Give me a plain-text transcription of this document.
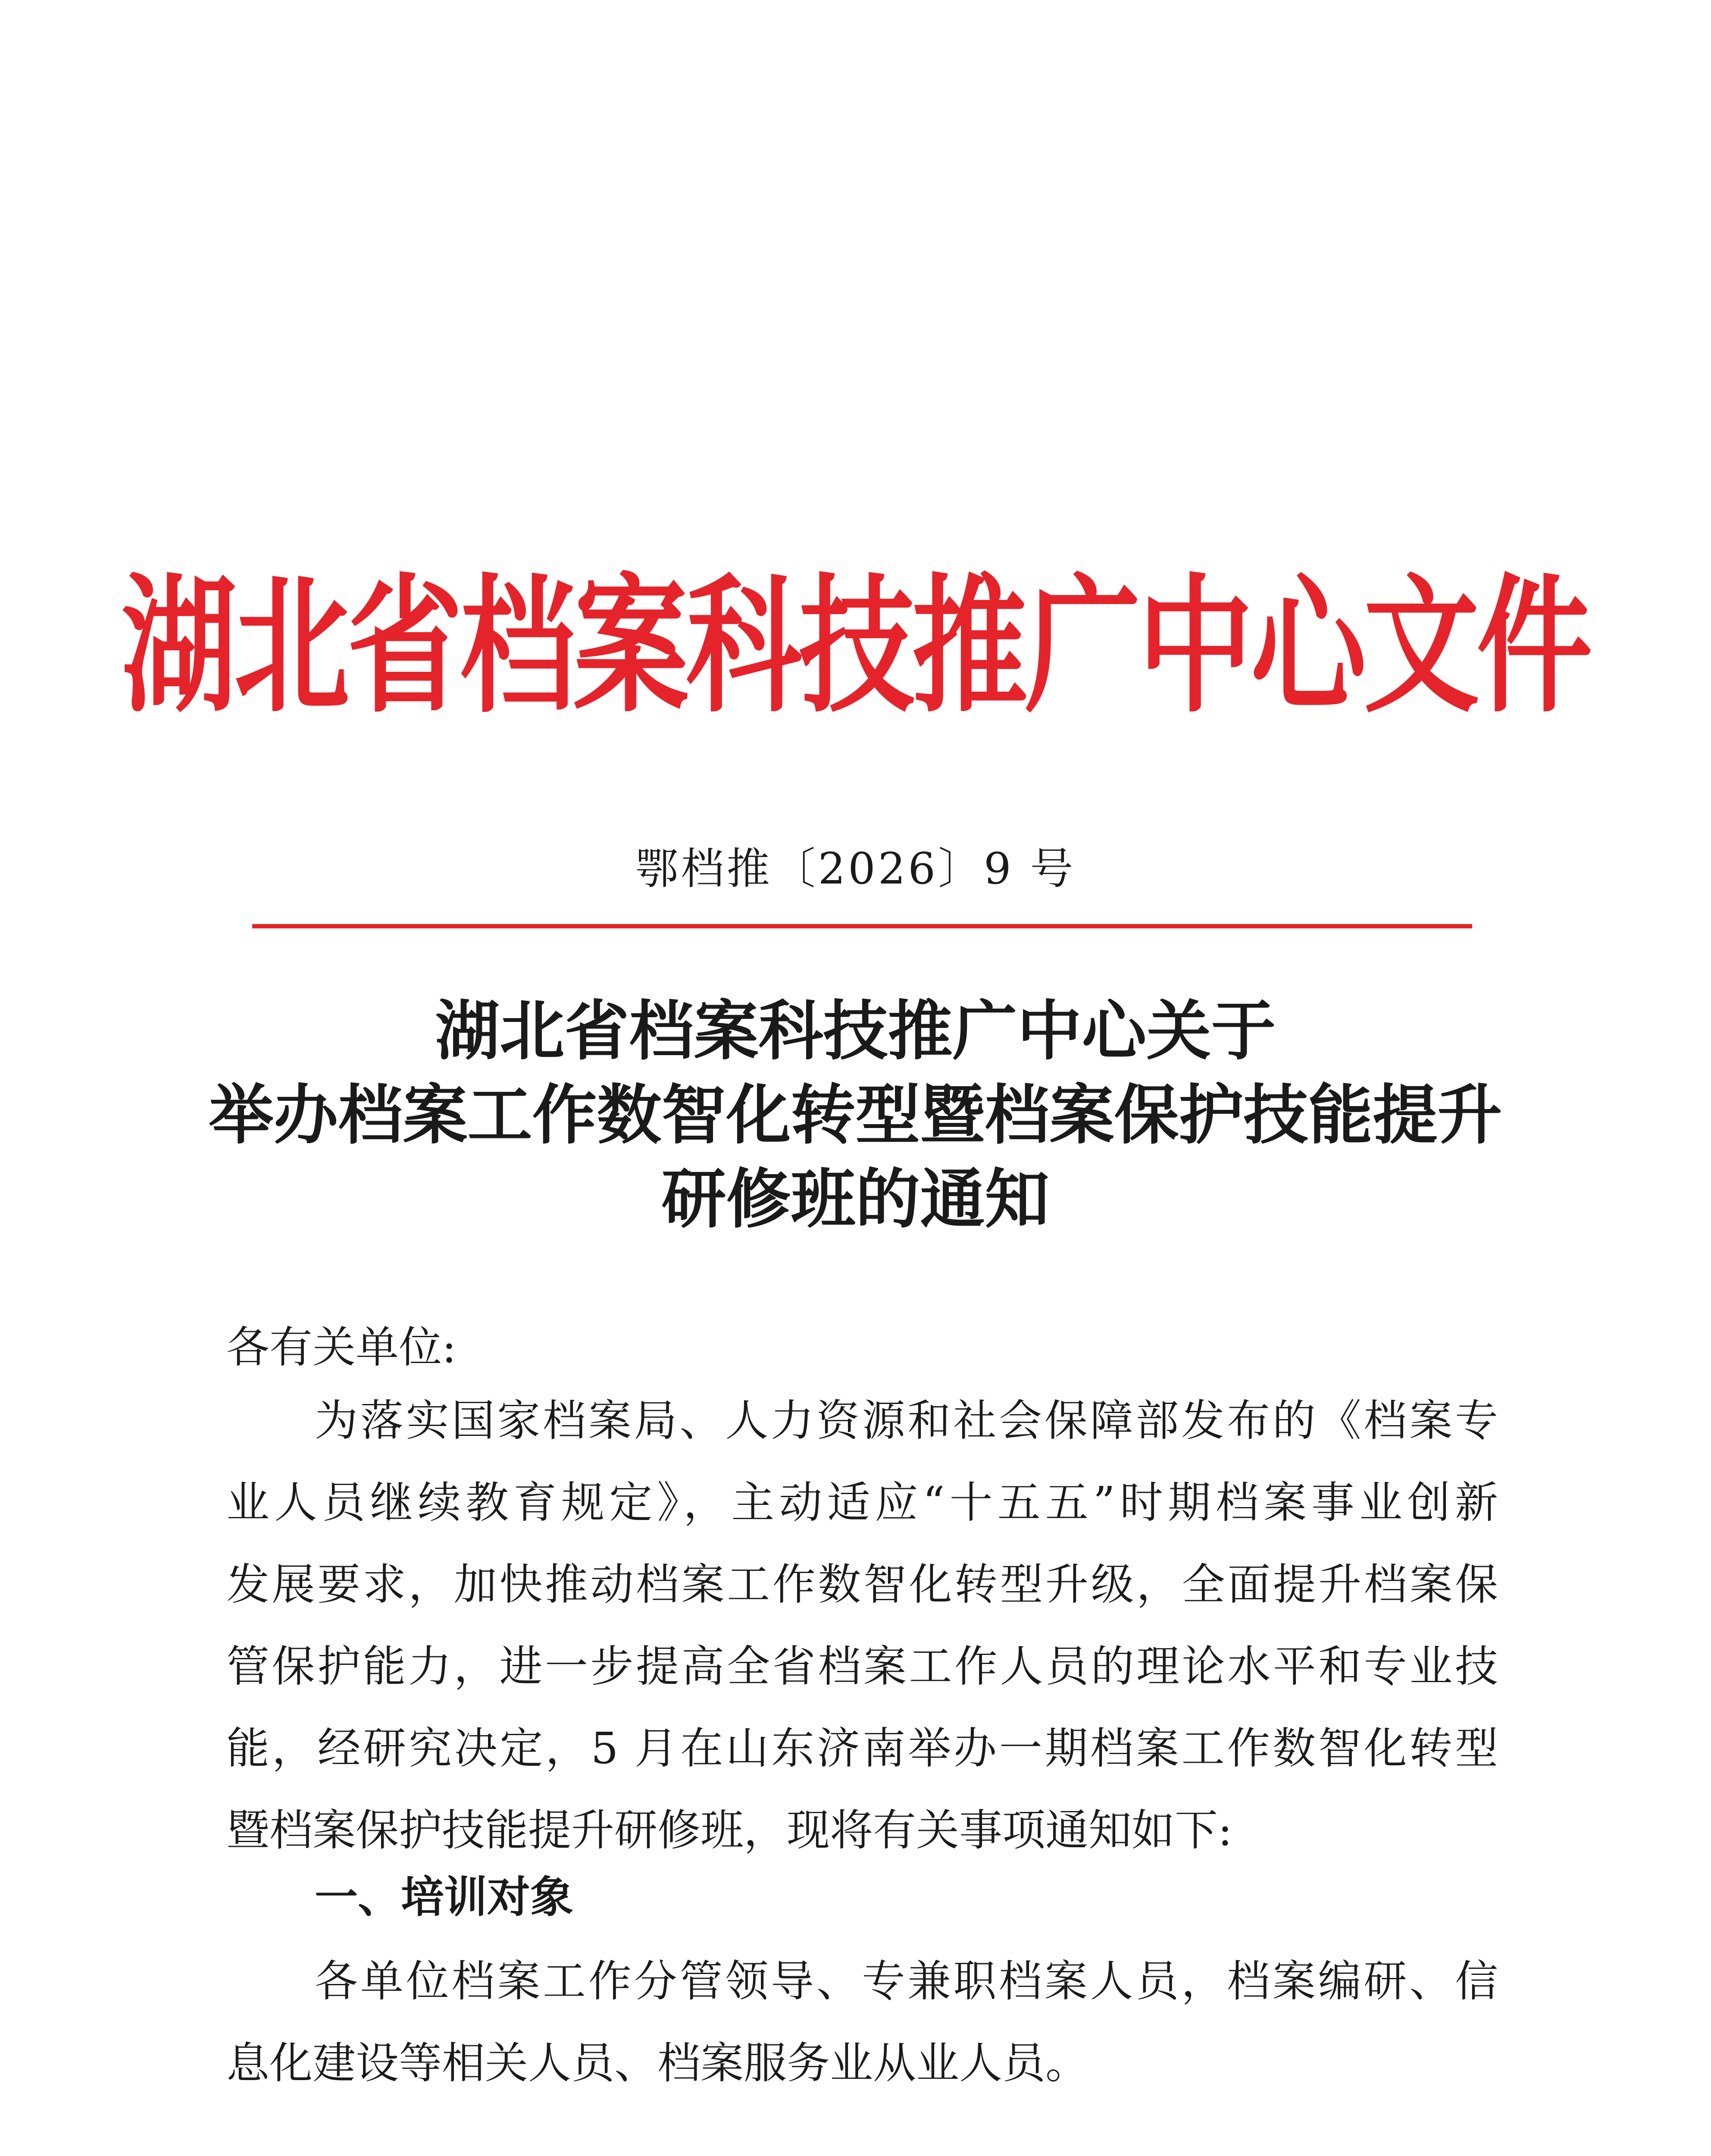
湖北省档案科技推广中心文件
鄂档推〔2026〕9 号
湖北省档案科技推广中心关于
举办档案工作数智化转型暨档案保护技能提升
研修班的通知
各有关单位:
为落实国家档案局、人力资源和社会保障部发布的《档案专
业人员继续教育规定》，主动适应“十五五”时期档案事业创新
发展要求，加快推动档案工作数智化转型升级，全面提升档案保
管保护能力，进一步提高全省档案工作人员的理论水平和专业技
能，经研究决定，5 月在山东济南举办一期档案工作数智化转型
暨档案保护技能提升研修班，现将有关事项通知如下:
一、培训对象
各单位档案工作分管领导、专兼职档案人员，档案编研、信
息化建设等相关人员、档案服务业从业人员。
